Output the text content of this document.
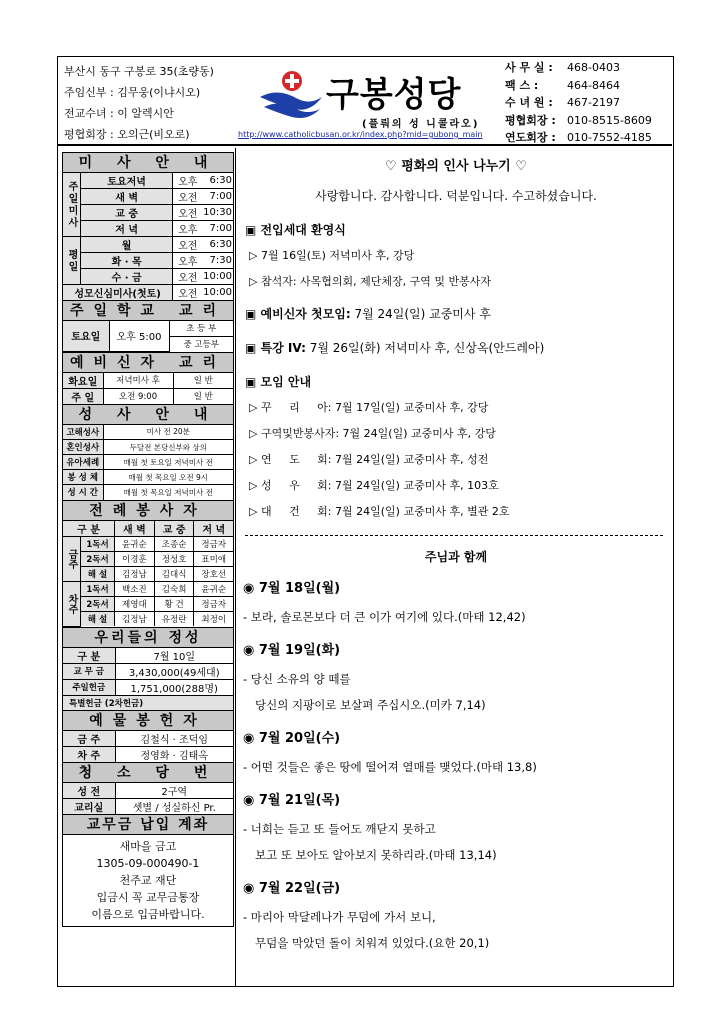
부산시 동구 구봉로 35(초량동)
주임신부 : 김무웅(이냐시오)
전교수녀 : 이 알렉시안
평협회장 : 오의근(비오로)
구봉성당
(플뤄의 성 니콜라오)
http://www.catholicbusan.or.kr/index.php?mid=gubong_main
사 무 실 :	468-0403
팩 스 :	464-8464
수 녀 원 :	467-2197
평협회장 :	010-8515-8609
연도회장 :	010-7552-4185
미 사 안 내
주일미사	토요저녁	오후	6:30
	새 벽	오전	7:00
	교 중	오전	10:30
	저 녁	오후	7:00
평일	월	오전	6:30
	화 · 목	오후	7:30
	수 · 금	오전	10:00
성모신심미사(첫토)		오전	10:00
주일학교 교리
토요일	오후 5:00	초 등 부
중 고등부
예비신자 교리
화요일	저녁미사 후	일 반
주 일	오전 9:00	일 반
성 사 안 내
고해성사	미사 전 20분
혼인성사	두달전 본당신부와 상의
유아세례	매월 첫 토요일 저녁미사 전
봉 성 체	매월 첫 목요일 오전 9시
성 시 간	매월 첫 목요일 저녁미사 전
전례봉사자
구 분		새 벽	교 중	저 녁
금주	1독서	윤귀순	조종순	정금자
	2독서	이경훈	정성호	표미애
	해 설	김정남	김대식	장호선
차주	1독서	백소진	김숙희	윤귀순
	2독서	제영대	황 건	정금자
	해 설	김정남	유정란	최정이
우리들의 정성
구 분	7월 10일
교 무 금	3,430,000(49세대)
주일헌금	1,751,000(288명)
특별헌금 (2차헌금)	
예물봉헌자
금 주	김철식 · 조덕임
차 주	정영화 · 김태옥
청 소 당 번
성 전	2구역
교리실	셋별 / 성실하신 Pr.
교무금 납입 계좌
새마을 금고
1305-09-000490-1
천주교 재단
입금시 꼭 교무금통장
이름으로 입금바랍니다.
♡ 평화의 인사 나누기 ♡
사랑합니다. 감사합니다. 덕분입니다. 수고하셨습니다.
▣ 전입세대 환영식
▷ 7월 16일(토) 저녁미사 후, 강당
▷ 참석자: 사목협의회, 제단체장, 구역 및 반봉사자
▣ 예비신자 첫모임: 7월 24일(일) 교중미사 후
▣ 특강 IV: 7월 26일(화) 저녁미사 후, 신상옥(안드레아)
▣ 모임 안내
▷ 꾸     리     아: 7월 17일(일) 교중미사 후, 강당
▷ 구역및반봉사자: 7월 24일(일) 교중미사 후, 강당
▷ 연     도     회: 7월 24일(일) 교중미사 후, 성전
▷ 성     우     회: 7월 24일(일) 교중미사 후, 103호
▷ 대     건     회: 7월 24일(일) 교중미사 후, 별관 2호
주님과 함께
◉ 7월 18일(월)
- 보라, 솔로몬보다 더 큰 이가 여기에 있다.(마태 12,42)
◉ 7월 19일(화)
- 당신 소유의 양 떼를
당신의 지팡이로 보살펴 주십시오.(미카 7,14)
◉ 7월 20일(수)
- 어떤 것들은 좋은 땅에 떨어져 열매를 맺었다.(마태 13,8)
◉ 7월 21일(목)
- 너희는 듣고 또 들어도 깨닫지 못하고
보고 또 보아도 알아보지 못하리라.(마태 13,14)
◉ 7월 22일(금)
- 마리아 막달레나가 무덤에 가서 보니,
무덤을 막았던 돌이 치워져 있었다.(요한 20,1)
